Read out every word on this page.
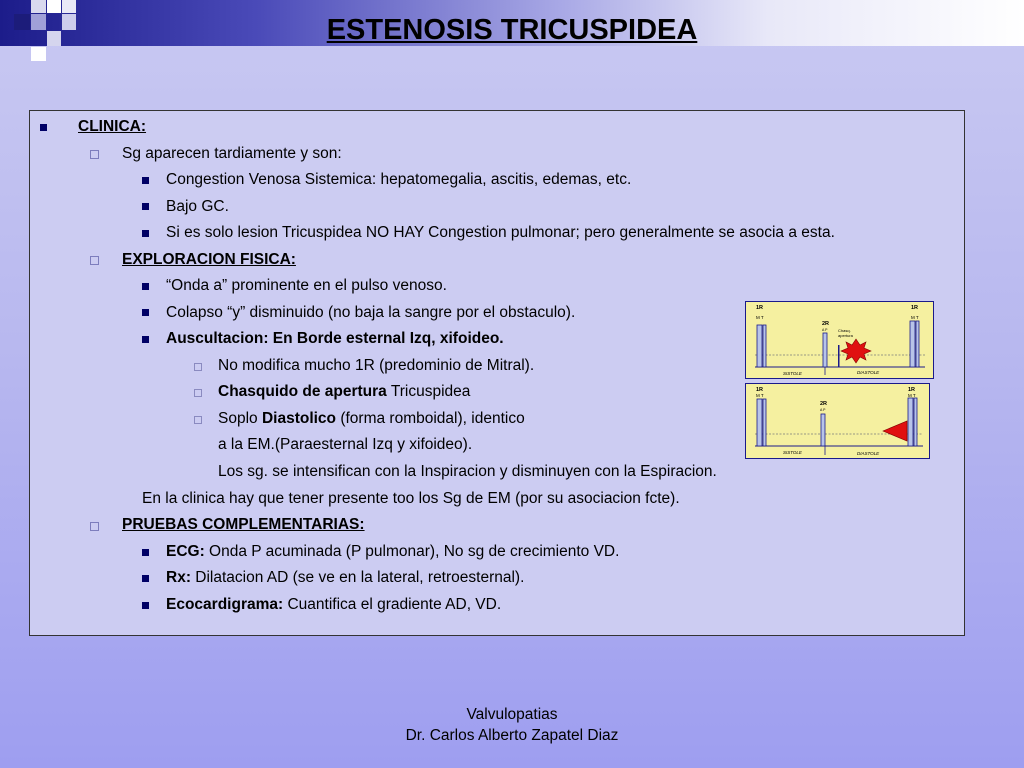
ESTENOSIS TRICUSPIDEA
CLINICA:
Sg aparecen tardiamente y son:
Congestion Venosa Sistemica: hepatomegalia, ascitis, edemas, etc.
Bajo GC.
Si es solo lesion Tricuspidea NO HAY Congestion pulmonar; pero generalmente se asocia a esta.
EXPLORACION FISICA:
“Onda a” prominente en el pulso venoso.
Colapso “y” disminuido (no baja la sangre por el obstaculo).
Auscultacion: En Borde esternal Izq, xifoideo.
No modifica mucho 1R (predominio de Mitral).
Chasquido de apertura Tricuspidea
Soplo Diastolico (forma romboidal), identico
a la EM.(Paraesternal Izq y xifoideo).
Los sg. se intensifican con la Inspiracion y disminuyen con la Espiracion.
En la clinica hay que tener presente too los Sg de EM (por su asociacion fcte).
PRUEBAS COMPLEMENTARIAS:
ECG: Onda P acuminada (P pulmonar), No sg de crecimiento VD.
Rx: Dilatacion AD (se ve en la lateral, retroesternal).
Ecocardigrama: Cuantifica el gradiente AD, VD.
1R
M T
2R
A P	Chasq.
apertura
1R
M T
SISTOLE	DIASTOLE
1R
M T
2R
A P
1R
M T
SISTOLE	DIASTOLE
Valvulopatias
Dr. Carlos Alberto Zapatel Diaz
